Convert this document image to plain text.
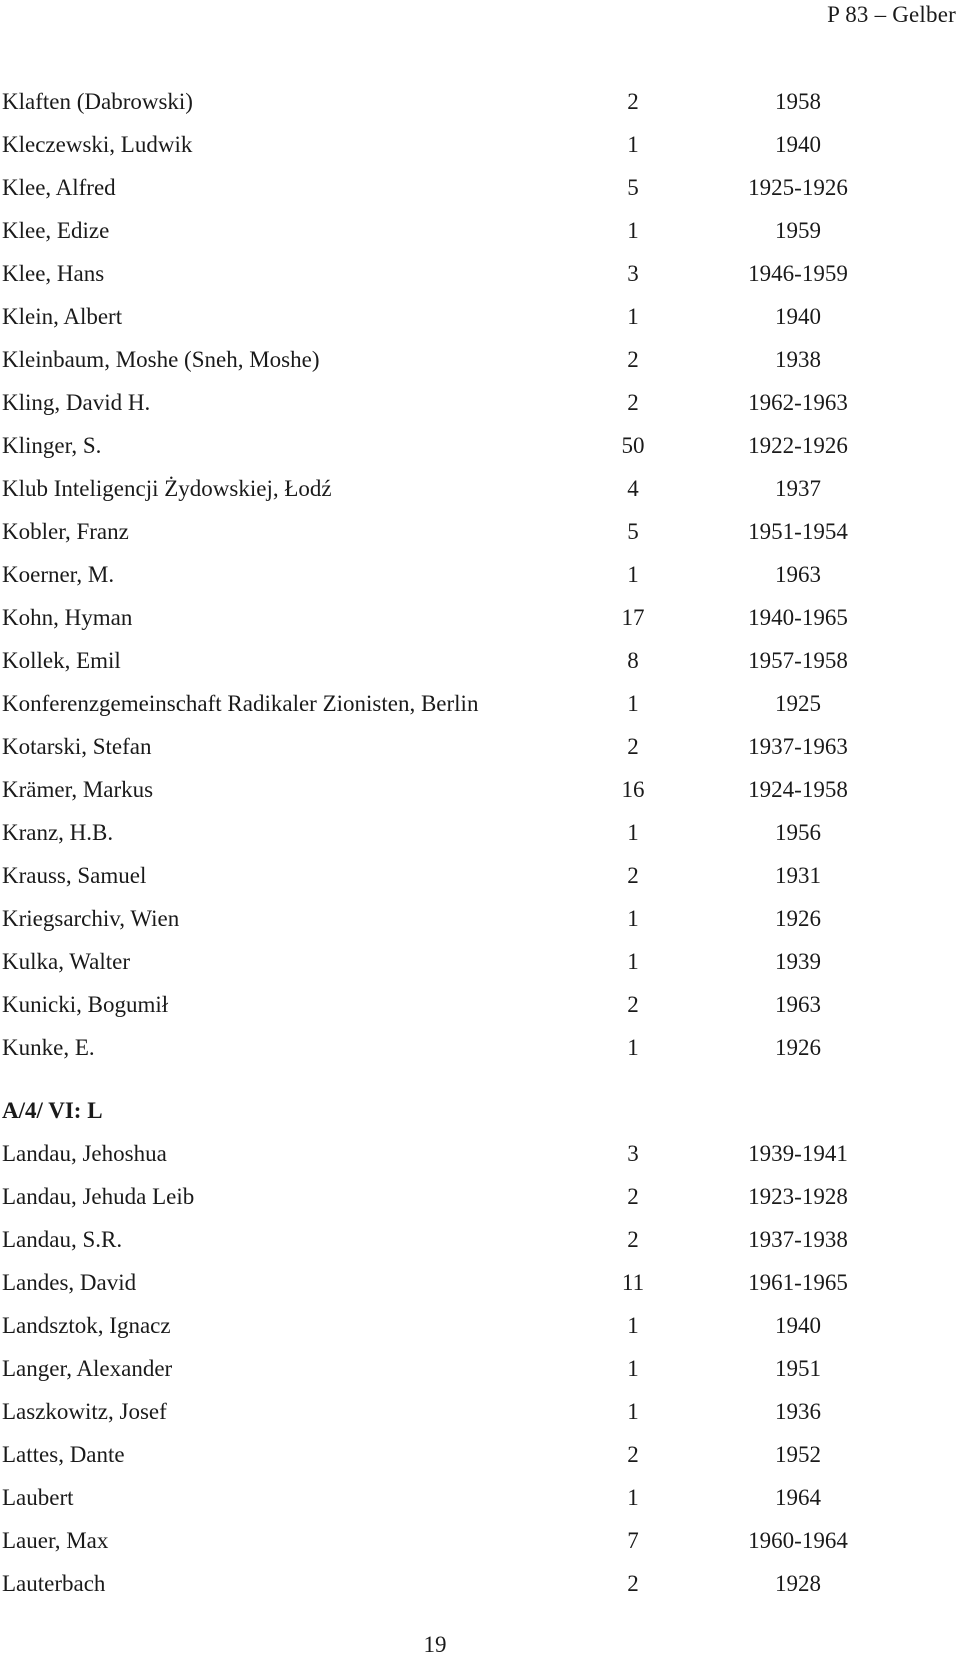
P 83 – Gelber
Klaften (Dabrowski)	2	1958
Kleczewski, Ludwik	1	1940
Klee, Alfred	5	1925-1926
Klee, Edize	1	1959
Klee, Hans	3	1946-1959
Klein, Albert	1	1940
Kleinbaum, Moshe (Sneh, Moshe)	2	1938
Kling, David H.	2	1962-1963
Klinger, S.	50	1922-1926
Klub Inteligencji Żydowskiej, Łodź	4	1937
Kobler, Franz	5	1951-1954
Koerner, M.	1	1963
Kohn, Hyman	17	1940-1965
Kollek, Emil	8	1957-1958
Konferenzgemeinschaft Radikaler Zionisten, Berlin	1	1925
Kotarski, Stefan	2	1937-1963
Krämer, Markus	16	1924-1958
Kranz, H.B.	1	1956
Krauss, Samuel	2	1931
Kriegsarchiv, Wien	1	1926
Kulka, Walter	1	1939
Kunicki, Bogumił	2	1963
Kunke, E.	1	1926
A/4/ VI: L
Landau, Jehoshua	3	1939-1941
Landau, Jehuda Leib	2	1923-1928
Landau, S.R.	2	1937-1938
Landes, David	11	1961-1965
Landsztok, Ignacz	1	1940
Langer, Alexander	1	1951
Laszkowitz, Josef	1	1936
Lattes, Dante	2	1952
Laubert	1	1964
Lauer, Max	7	1960-1964
Lauterbach	2	1928
19
